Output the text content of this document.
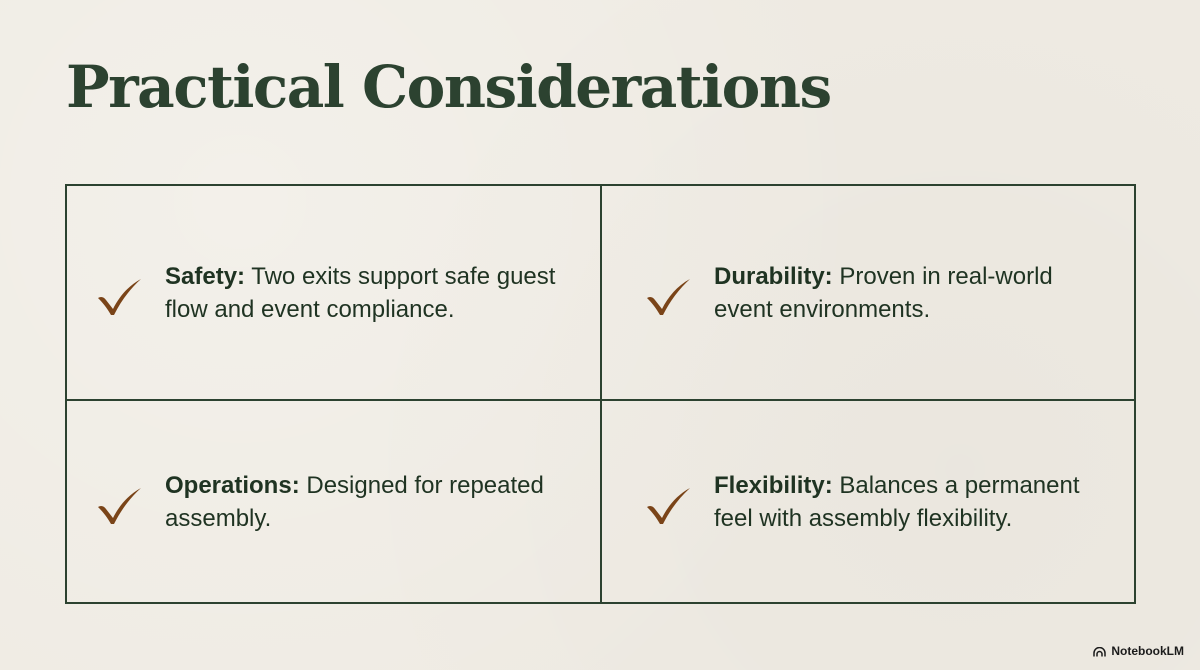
Practical Considerations
Safety: Two exits support safe guest flow and event compliance.
Durability: Proven in real-world event environments.
Operations: Designed for repeated assembly.
Flexibility: Balances a permanent feel with assembly flexibility.
NotebookLM
